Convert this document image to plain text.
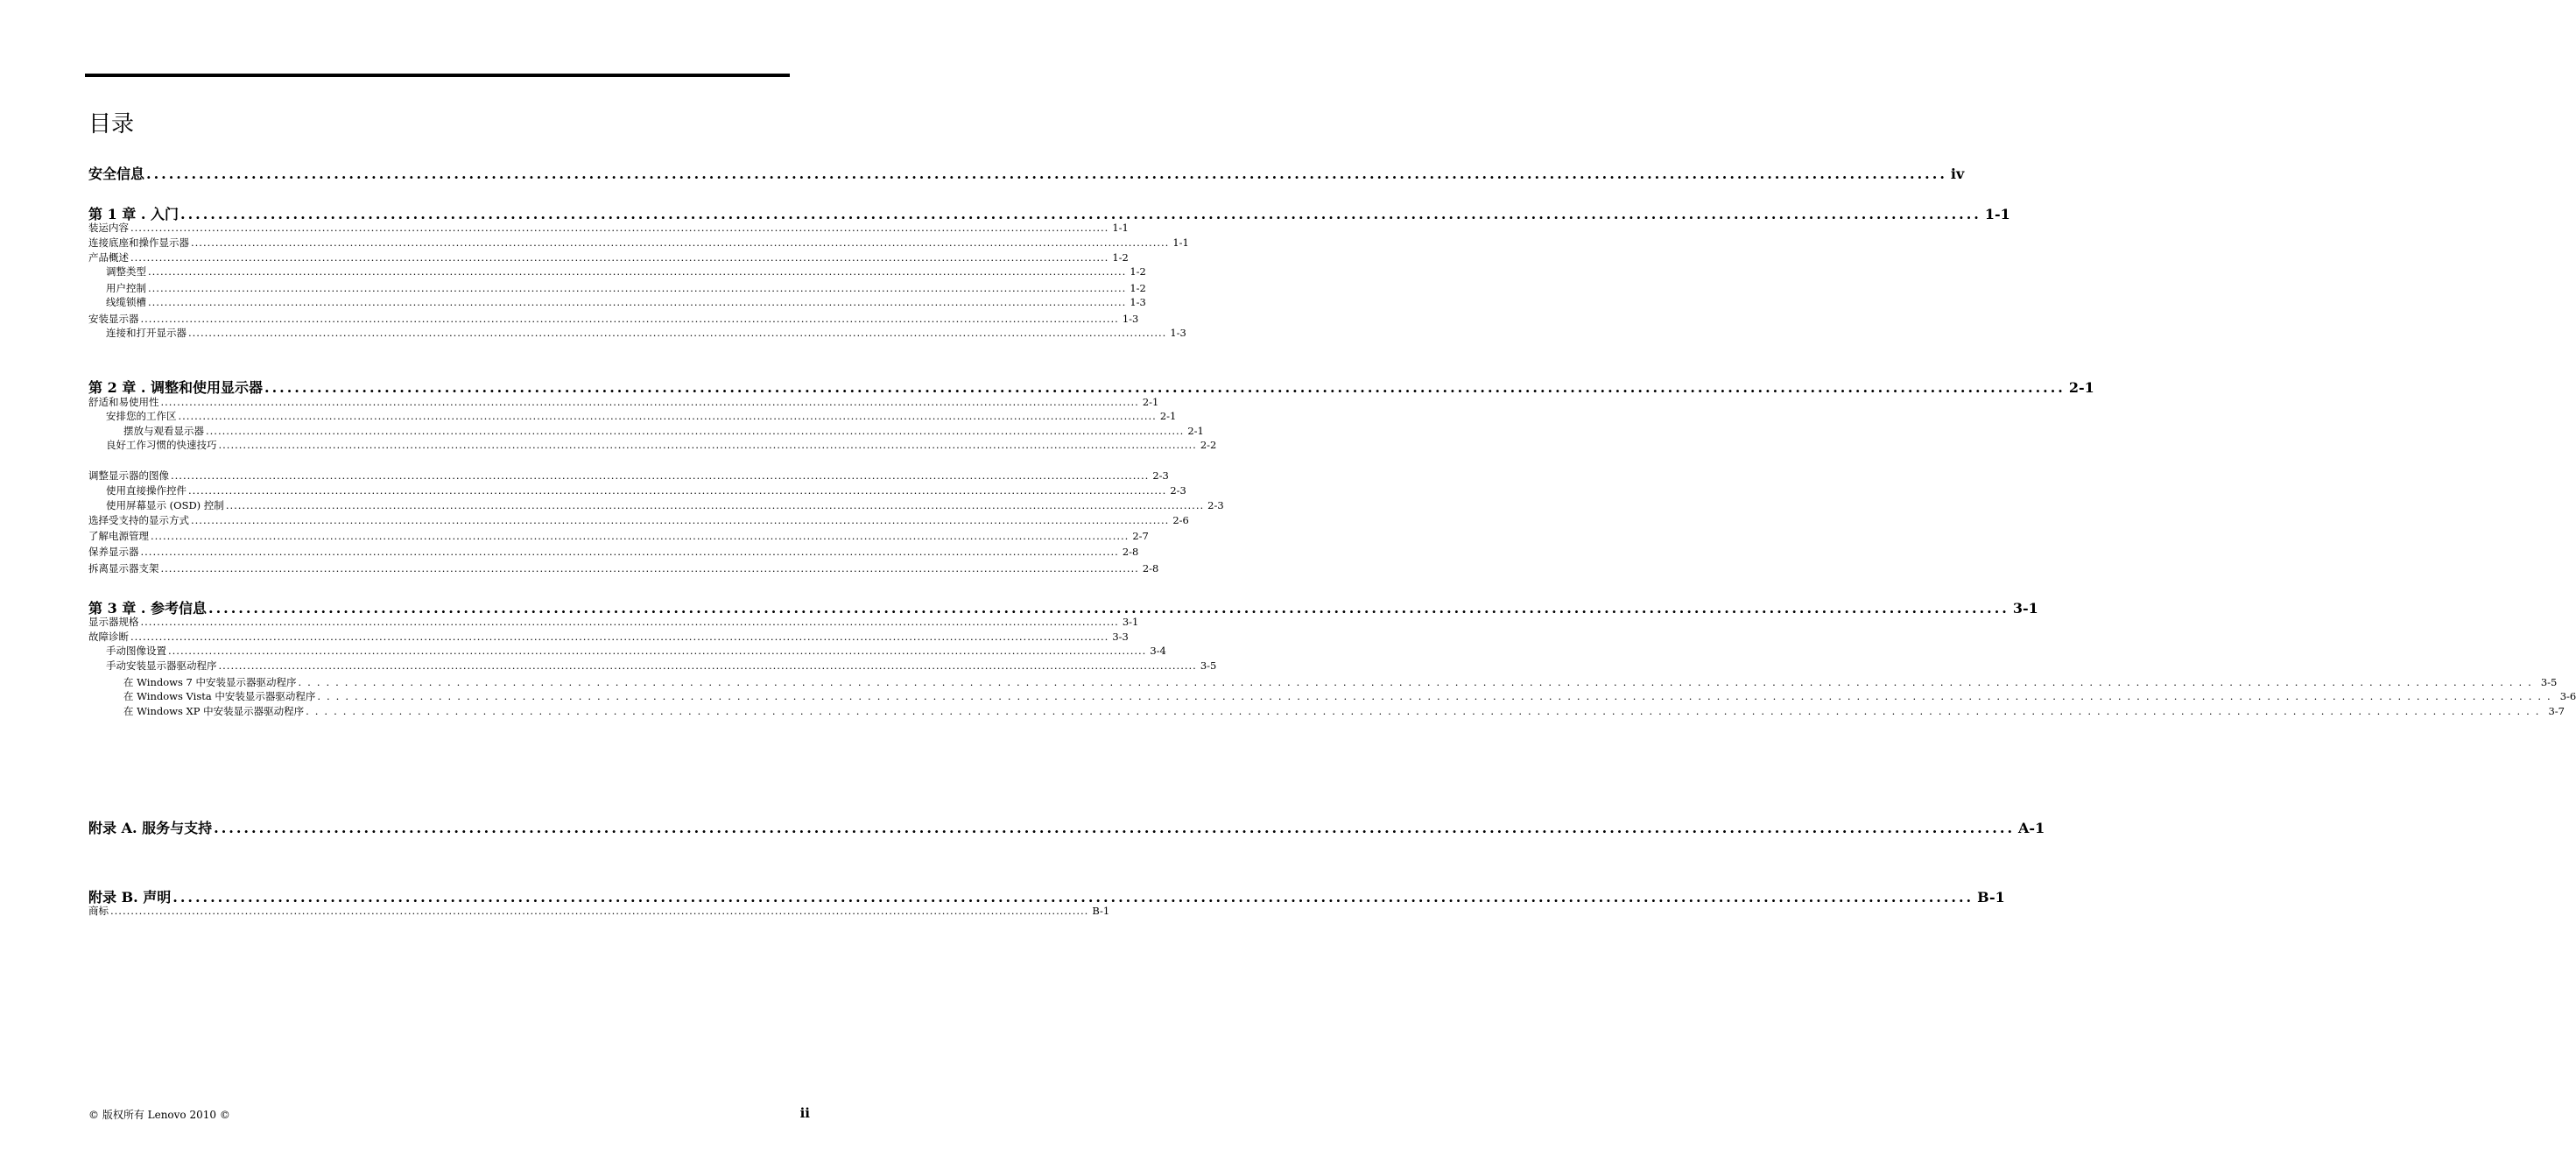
目录
安全信息 ................................................................................................................................................................................................................................................ iv
第 1 章 . 入门 ................................................................................................................................................................................................................................................ 1-1
装运内容 ................................................................................................................................................................................................................................................ 1-1
连接底座和操作显示器 ................................................................................................................................................................................................................................................ 1-1
产品概述 ................................................................................................................................................................................................................................................ 1-2
调整类型 ................................................................................................................................................................................................................................................ 1-2
用户控制 ................................................................................................................................................................................................................................................ 1-2
线缆锁槽 ................................................................................................................................................................................................................................................ 1-3
安装显示器 ................................................................................................................................................................................................................................................ 1-3
连接和打开显示器 ................................................................................................................................................................................................................................................ 1-3
第 2 章 . 调整和使用显示器 ................................................................................................................................................................................................................................................ 2-1
舒适和易使用性 ................................................................................................................................................................................................................................................ 2-1
安排您的工作区 ................................................................................................................................................................................................................................................ 2-1
摆放与观看显示器 ................................................................................................................................................................................................................................................ 2-1
良好工作习惯的快速技巧 ................................................................................................................................................................................................................................................ 2-2
调整显示器的图像 ................................................................................................................................................................................................................................................ 2-3
使用直接操作控件 ................................................................................................................................................................................................................................................ 2-3
使用屏幕显示 (OSD) 控制 ................................................................................................................................................................................................................................................ 2-3
选择受支持的显示方式 ................................................................................................................................................................................................................................................ 2-6
了解电源管理 ................................................................................................................................................................................................................................................ 2-7
保养显示器 ................................................................................................................................................................................................................................................ 2-8
拆离显示器支架 ................................................................................................................................................................................................................................................ 2-8
第 3 章 . 参考信息 ................................................................................................................................................................................................................................................ 3-1
显示器规格 ................................................................................................................................................................................................................................................ 3-1
故障诊断 ................................................................................................................................................................................................................................................ 3-3
手动图像设置 ................................................................................................................................................................................................................................................ 3-4
手动安装显示器驱动程序 ................................................................................................................................................................................................................................................ 3-5
在 Windows 7 中安装显示器驱动程序 ................................................................................................................................................................................................................................................ 3-5
在 Windows Vista 中安装显示器驱动程序 ................................................................................................................................................................................................................................................ 3-6
在 Windows XP 中安装显示器驱动程序 ................................................................................................................................................................................................................................................ 3-7
附录 A. 服务与支持 ................................................................................................................................................................................................................................................ A-1
附录 B. 声明 ................................................................................................................................................................................................................................................ B-1
商标 ................................................................................................................................................................................................................................................ B-1
© 版权所有 Lenovo 2010 ©	ii
